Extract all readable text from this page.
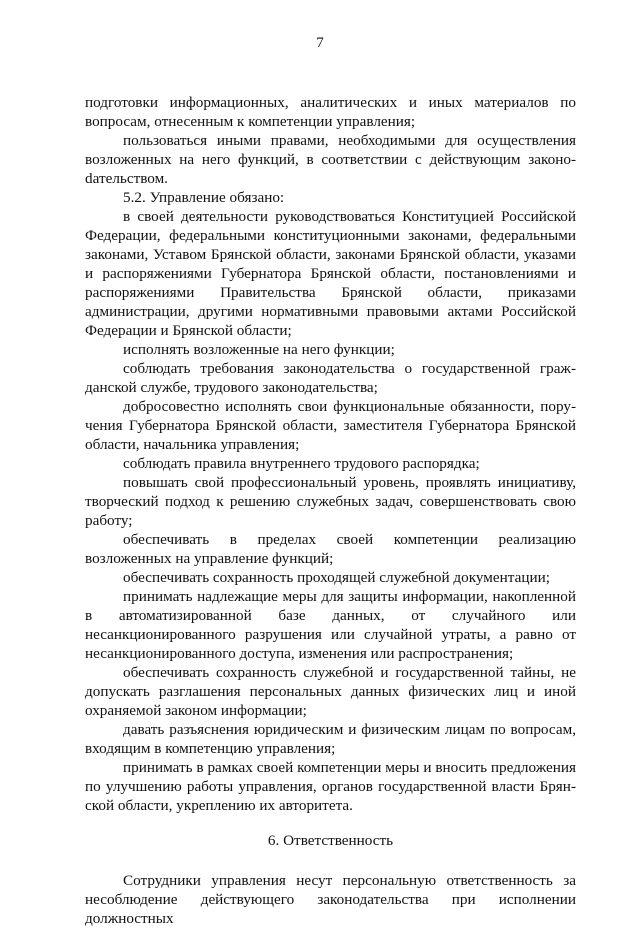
7

подготовки информационных, аналитических и иных материалов по вопросам, отнесенным к компетенции управления;

пользоваться иными правами, необходимыми для осуществления возложенных на него функций, в соответствии с действующим законоdательством.

5.2. Управление обязано:

в своей деятельности руководствоваться Конституцией Российской Федерации, федеральными конституционными законами, федеральными законами, Уставом Брянской области, законами Брянской области, указами и распоряжениями Губернатора Брянской области, постановлениями и распоряжениями Правительства Брянской области, приказами администрации, другими нормативными правовыми актами Российской Федерации и Брянской области;

исполнять возложенные на него функции;

соблюдать требования законодательства о государственной гражданской службе, трудового законодательства;

добросовестно исполнять свои функциональные обязанности, поручения Губернатора Брянской области, заместителя Губернатора Брянской области, начальника управления;

соблюдать правила внутреннего трудового распорядка;

повышать свой профессиональный уровень, проявлять инициативу, творческий подход к решению служебных задач, совершенствовать свою работу;

обеспечивать в пределах своей компетенции реализацию возложенных на управление функций;

обеспечивать сохранность проходящей служебной документации;

принимать надлежащие меры для защиты информации, накопленной в автоматизированной базе данных, от случайного или несанкционированного разрушения или случайной утраты, а равно от несанкционированного доступа, изменения или распространения;

обеспечивать сохранность служебной и государственной тайны, не допускать разглашения персональных данных физических лиц и иной охраняемой законом информации;

давать разъяснения юридическим и физическим лицам по вопросам, входящим в компетенцию управления;

принимать в рамках своей компетенции меры и вносить предложения по улучшению работы управления, органов государственной власти Брянской области, укреплению их авторитета.

6. Ответственность

Сотрудники управления несут персональную ответственность за несоблюдение действующего законодательства при исполнении должностных
